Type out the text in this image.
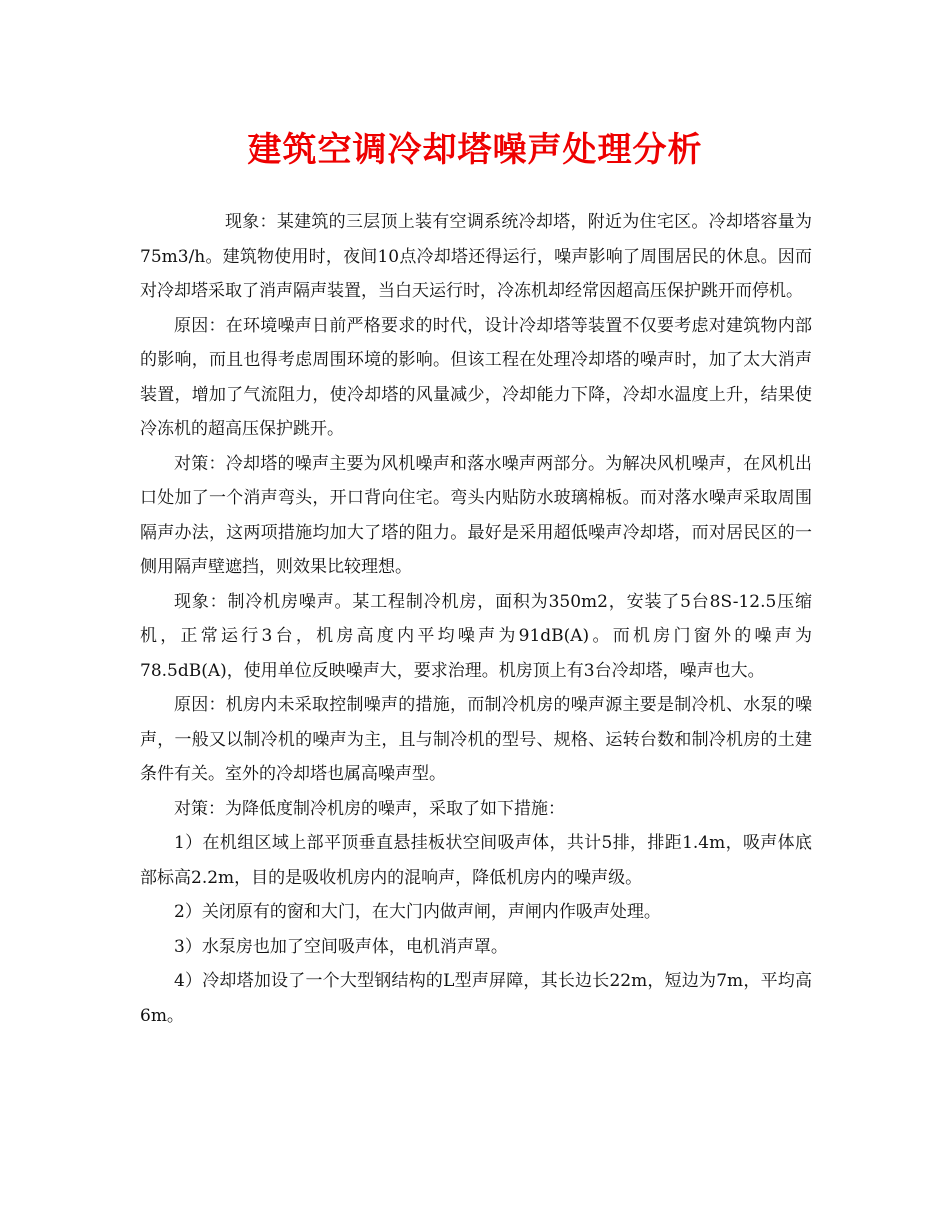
建筑空调冷却塔噪声处理分析

现象：某建筑的三层顶上装有空调系统冷却塔，附近为住宅区。冷却塔容量为75m3/h。建筑物使用时，夜间10点冷却塔还得运行，噪声影响了周围居民的休息。因而对冷却塔采取了消声隔声装置，当白天运行时，冷冻机却经常因超高压保护跳开而停机。

原因：在环境噪声日前严格要求的时代，设计冷却塔等装置不仅要考虑对建筑物内部的影响，而且也得考虑周围环境的影响。但该工程在处理冷却塔的噪声时，加了太大消声装置，增加了气流阻力，使冷却塔的风量减少，冷却能力下降，冷却水温度上升，结果使冷冻机的超高压保护跳开。

对策：冷却塔的噪声主要为风机噪声和落水噪声两部分。为解决风机噪声，在风机出口处加了一个消声弯头，开口背向住宅。弯头内贴防水玻璃棉板。而对落水噪声采取周围隔声办法，这两项措施均加大了塔的阻力。最好是采用超低噪声冷却塔，而对居民区的一侧用隔声壁遮挡，则效果比较理想。

现象：制冷机房噪声。某工程制冷机房，面积为350m2，安装了5台8S-12.5压缩机，正常运行3台，机房高度内平均噪声为91dB(A)。而机房门窗外的噪声为78.5dB(A)，使用单位反映噪声大，要求治理。机房顶上有3台冷却塔，噪声也大。

原因：机房内未采取控制噪声的措施，而制冷机房的噪声源主要是制冷机、水泵的噪声，一般又以制冷机的噪声为主，且与制冷机的型号、规格、运转台数和制冷机房的土建条件有关。室外的冷却塔也属高噪声型。

对策：为降低度制冷机房的噪声，采取了如下措施：

1）在机组区域上部平顶垂直悬挂板状空间吸声体，共计5排，排距1.4m，吸声体底部标高2.2m，目的是吸收机房内的混响声，降低机房内的噪声级。

2）关闭原有的窗和大门，在大门内做声闸，声闸内作吸声处理。

3）水泵房也加了空间吸声体，电机消声罩。

4）冷却塔加设了一个大型钢结构的L型声屏障，其长边长22m，短边为7m，平均高6m。
